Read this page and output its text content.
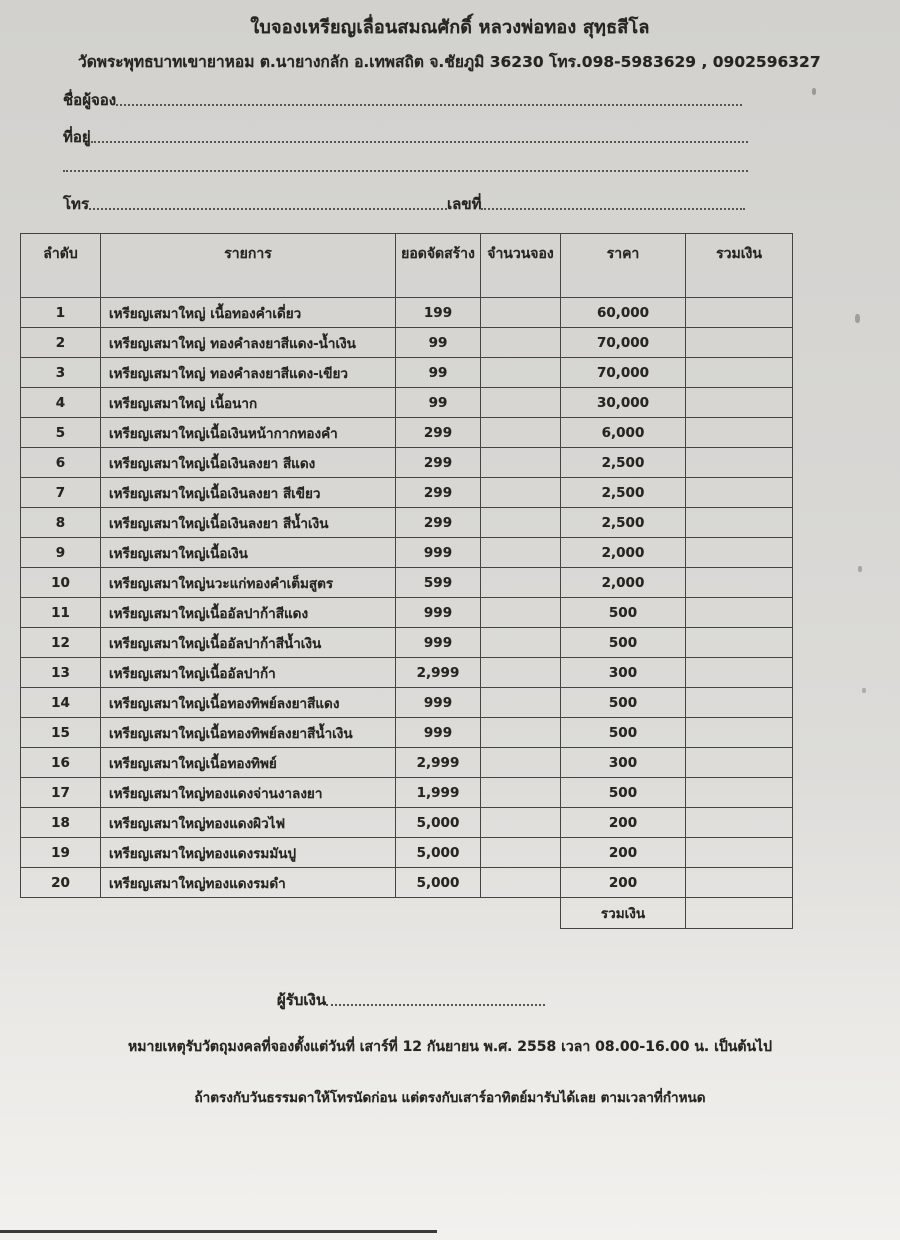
ใบจองเหรียญเลื่อนสมณศักดิ์ หลวงพ่อทอง สุทฺธสีโล
วัดพระพุทธบาทเขายาหอม ต.นายางกลัก อ.เทพสถิต จ.ชัยภูมิ 36230 โทร.098-5983629 , 0902596327
ชื่อผู้จอง
ที่อยู่
โทร	เลขที่
ลำดับ	รายการ	ยอดจัดสร้าง	จำนวนจอง	ราคา	รวมเงิน
1	เหรียญเสมาใหญ่ เนื้อทองคำเดี่ยว	199		60,000	
2	เหรียญเสมาใหญ่ ทองคำลงยาสีแดง-น้ำเงิน	99		70,000	
3	เหรียญเสมาใหญ่ ทองคำลงยาสีแดง-เขียว	99		70,000	
4	เหรียญเสมาใหญ่ เนื้อนาก	99		30,000	
5	เหรียญเสมาใหญ่เนื้อเงินหน้ากากทองคำ	299		6,000	
6	เหรียญเสมาใหญ่เนื้อเงินลงยา สีแดง	299		2,500	
7	เหรียญเสมาใหญ่เนื้อเงินลงยา สีเขียว	299		2,500	
8	เหรียญเสมาใหญ่เนื้อเงินลงยา สีน้ำเงิน	299		2,500	
9	เหรียญเสมาใหญ่เนื้อเงิน	999		2,000	
10	เหรียญเสมาใหญ่นวะแก่ทองคำเต็มสูตร	599		2,000	
11	เหรียญเสมาใหญ่เนื้ออัลปาก้าสีแดง	999		500	
12	เหรียญเสมาใหญ่เนื้ออัลปาก้าสีน้ำเงิน	999		500	
13	เหรียญเสมาใหญ่เนื้ออัลปาก้า	2,999		300	
14	เหรียญเสมาใหญ่เนื้อทองทิพย์ลงยาสีแดง	999		500	
15	เหรียญเสมาใหญ่เนื้อทองทิพย์ลงยาสีน้ำเงิน	999		500	
16	เหรียญเสมาใหญ่เนื้อทองทิพย์	2,999		300	
17	เหรียญเสมาใหญ่ทองแดงจ่านงาลงยา	1,999		500	
18	เหรียญเสมาใหญ่ทองแดงผิวไฟ	5,000		200	
19	เหรียญเสมาใหญ่ทองแดงรมมันปู	5,000		200	
20	เหรียญเสมาใหญ่ทองแดงรมดำ	5,000		200	
				รวมเงิน	
ผู้รับเงิน
หมายเหตุรับวัตถุมงคลที่จองตั้งแต่วันที่ เสาร์ที่ 12 กันยายน พ.ศ. 2558 เวลา 08.00-16.00 น. เป็นต้นไป
ถ้าตรงกับวันธรรมดาให้โทรนัดก่อน แต่ตรงกับเสาร์อาทิตย์มารับได้เลย ตามเวลาที่กำหนด
